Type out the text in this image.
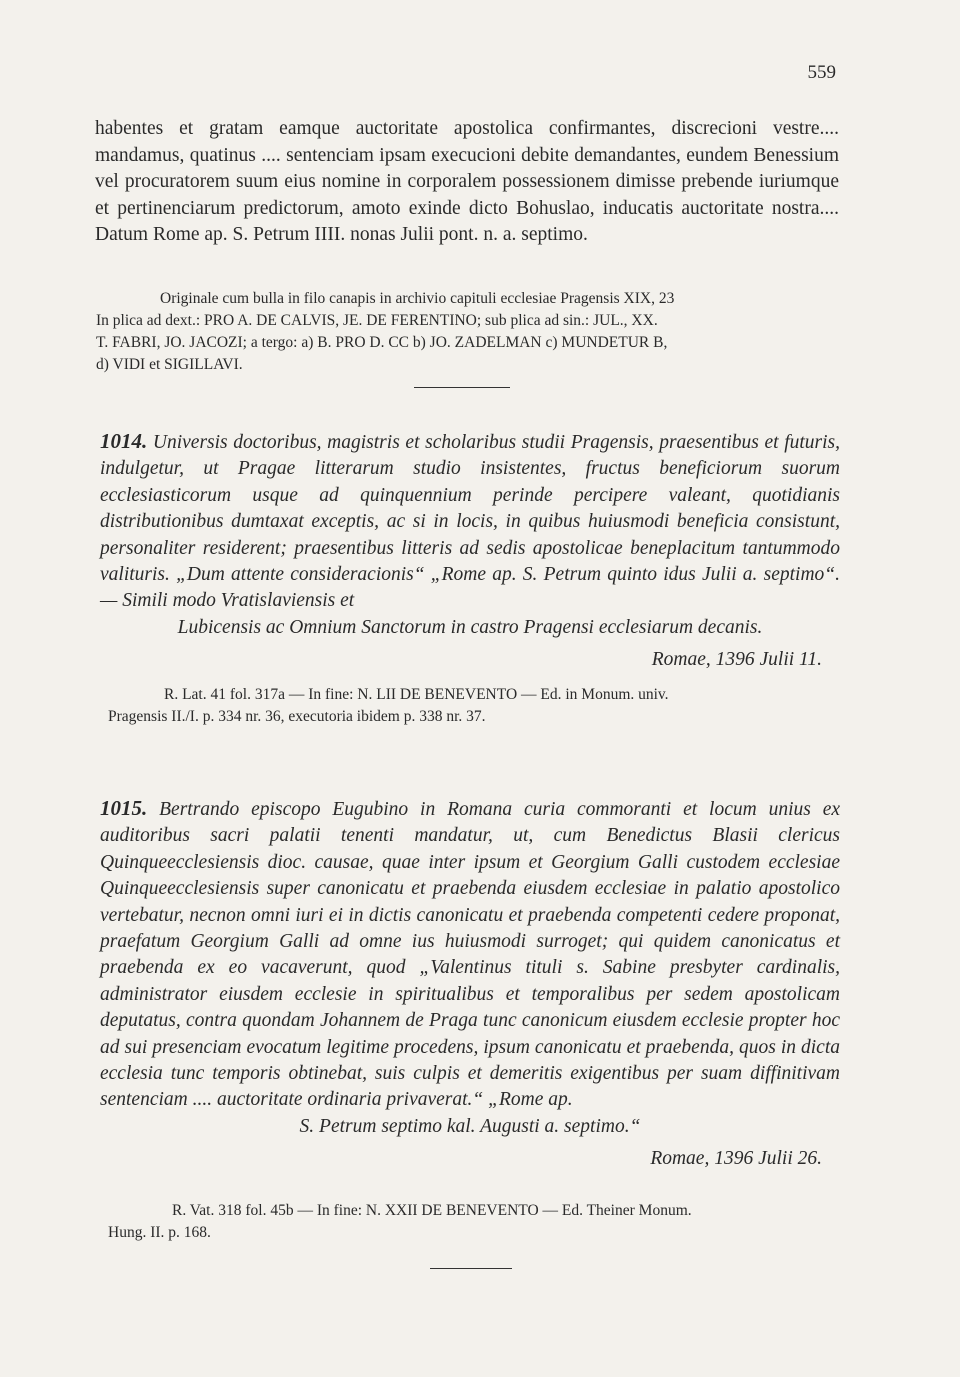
559
habentes et gratam eamque auctoritate apostolica confirmantes, discrecioni vestre.... mandamus, quatinus .... sentenciam ipsam execucioni debite demandantes, eundem Benessium vel procuratorem suum eius nomine in corporalem possessionem dimisse prebende iuriumque et pertinenciarum predictorum, amoto exinde dicto Bohuslao, inducatis auctoritate nostra.... Datum Rome ap. S. Petrum IIII. nonas Julii pont. n. a. septimo.
Originale cum bulla in filo canapis in archivio capituli ecclesiae Pragensis XIX, 23
In plica ad dext.: PRO A. DE CALVIS, JE. DE FERENTINO; sub plica ad sin.: JUL., XX.
T. FABRI, JO. JACOZI; a tergo: a) B. PRO D. CC b) JO. ZADELMAN c) MUNDETUR B,
d) VIDI et SIGILLAVI.
1014. Universis doctoribus, magistris et scholaribus studii Pragensis, praesentibus et futuris, indulgetur, ut Pragae litterarum studio insistentes, fructus beneficiorum suorum ecclesiasticorum usque ad quinquennium perinde percipere valeant, quotidianis distributionibus dumtaxat exceptis, ac si in locis, in quibus huiusmodi beneficia consistunt, personaliter residerent; praesentibus litteris ad sedis apostolicae beneplacitum tantummodo valituris. „Dum attente consideracionis“ „Rome ap. S. Petrum quinto idus Julii a. septimo“. — Simili modo Vratislaviensis et
Lubicensis ac Omnium Sanctorum in castro Pragensi ecclesiarum decanis.
Romae, 1396 Julii 11.
R. Lat. 41 fol. 317a — In fine: N. LII DE BENEVENTO — Ed. in Monum. univ.
Pragensis II./I. p. 334 nr. 36, executoria ibidem p. 338 nr. 37.
1015. Bertrando episcopo Eugubino in Romana curia commoranti et locum unius ex auditoribus sacri palatii tenenti mandatur, ut, cum Benedictus Blasii clericus Quinqueecclesiensis dioc. causae, quae inter ipsum et Georgium Galli custodem ecclesiae Quinqueecclesiensis super canonicatu et praebenda eiusdem ecclesiae in palatio apostolico vertebatur, necnon omni iuri ei in dictis canonicatu et praebenda competenti cedere proponat, praefatum Georgium Galli ad omne ius huiusmodi surroget; qui quidem canonicatus et praebenda ex eo vacaverunt, quod „Valentinus tituli s. Sabine presbyter cardinalis, administrator eiusdem ecclesie in spiritualibus et temporalibus per sedem apostolicam deputatus, contra quondam Johannem de Praga tunc canonicum eiusdem ecclesie propter hoc ad sui presenciam evocatum legitime procedens, ipsum canonicatu et praebenda, quos in dicta ecclesia tunc temporis obtinebat, suis culpis et demeritis exigentibus per suam diffinitivam sentenciam .... auctoritate ordinaria privaverat.“ „Rome ap.
S. Petrum septimo kal. Augusti a. septimo.“
Romae, 1396 Julii 26.
R. Vat. 318 fol. 45b — In fine: N. XXII DE BENEVENTO — Ed. Theiner Monum.
Hung. II. p. 168.
